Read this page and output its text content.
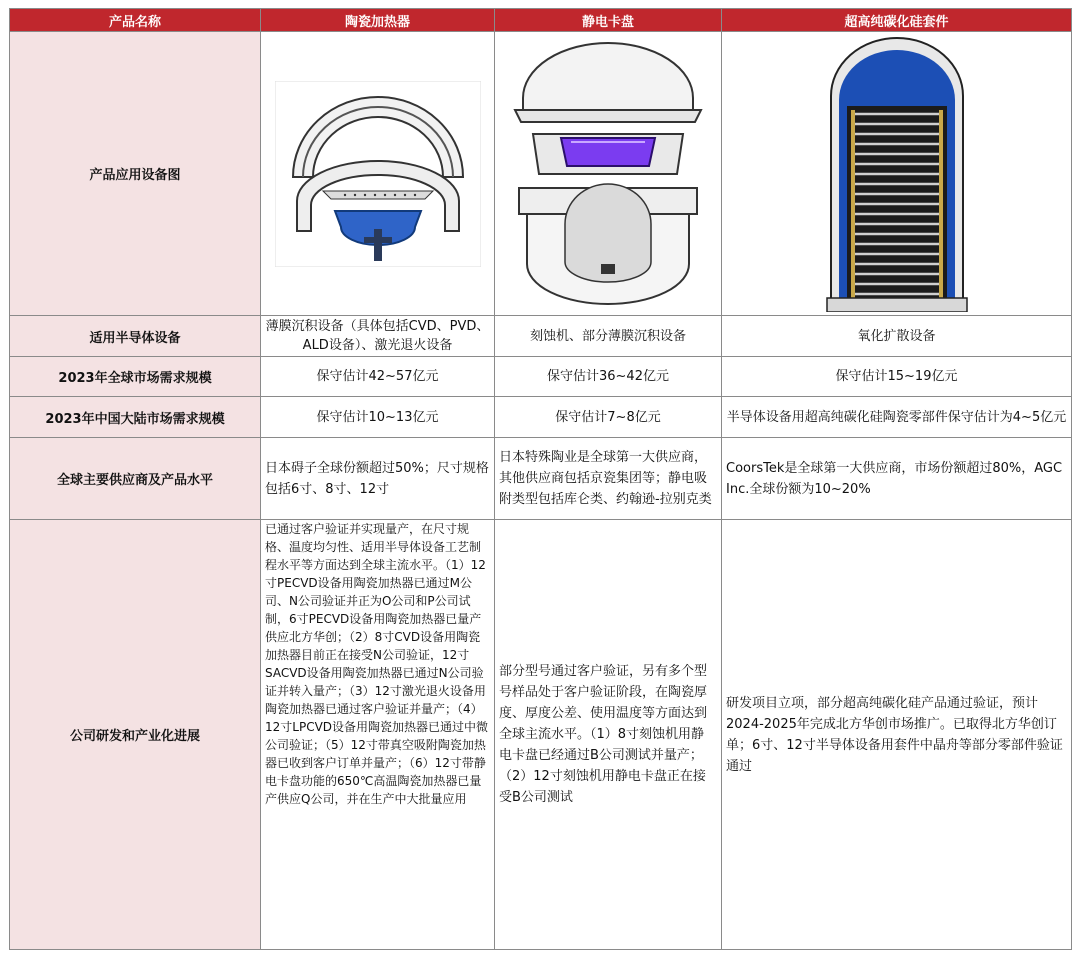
产品名称	陶瓷加热器	静电卡盘	超高纯碳化硅套件
产品应用设备图	

适用半导体设备	薄膜沉积设备（具体包括CVD、PVD、ALD设备）、激光退火设备	刻蚀机、部分薄膜沉积设备	氧化扩散设备
2023年全球市场需求规模	保守估计42~57亿元	保守估计36~42亿元	保守估计15~19亿元
2023年中国大陆市场需求规模	保守估计10~13亿元	保守估计7~8亿元	半导体设备用超高纯碳化硅陶瓷零部件保守估计为4~5亿元
全球主要供应商及产品水平	日本碍子全球份额超过50%；尺寸规格包括6寸、8寸、12寸	日本特殊陶业是全球第一大供应商，其他供应商包括京瓷集团等；静电吸附类型包括库仑类、约翰逊-拉别克类	CoorsTek是全球第一大供应商，市场份额超过80%，AGC Inc.全球份额为10~20%
公司研发和产业化进展	已通过客户验证并实现量产，在尺寸规格、温度均匀性、适用半导体设备工艺制程水平等方面达到全球主流水平。（1）12寸PECVD设备用陶瓷加热器已通过M公司、N公司验证并正为O公司和P公司试制，6寸PECVD设备用陶瓷加热器已量产供应北方华创；（2）8寸CVD设备用陶瓷加热器目前正在接受N公司验证，12寸SACVD设备用陶瓷加热器已通过N公司验证并转入量产；（3）12寸激光退火设备用陶瓷加热器已通过客户验证并量产；（4）12寸LPCVD设备用陶瓷加热器已通过中微公司验证；（5）12寸带真空吸附陶瓷加热器已收到客户订单并量产；（6）12寸带静电卡盘功能的650℃高温陶瓷加热器已量产供应Q公司，并在生产中大批量应用	部分型号通过客户验证，另有多个型号样品处于客户验证阶段，在陶瓷厚度、厚度公差、使用温度等方面达到全球主流水平。（1）8寸刻蚀机用静电卡盘已经通过B公司测试并量产；（2）12寸刻蚀机用静电卡盘正在接受B公司测试	研发项目立项，部分超高纯碳化硅产品通过验证，预计2024-2025年完成北方华创市场推广。已取得北方华创订单；6寸、12寸半导体设备用套件中晶舟等部分零部件验证通过
